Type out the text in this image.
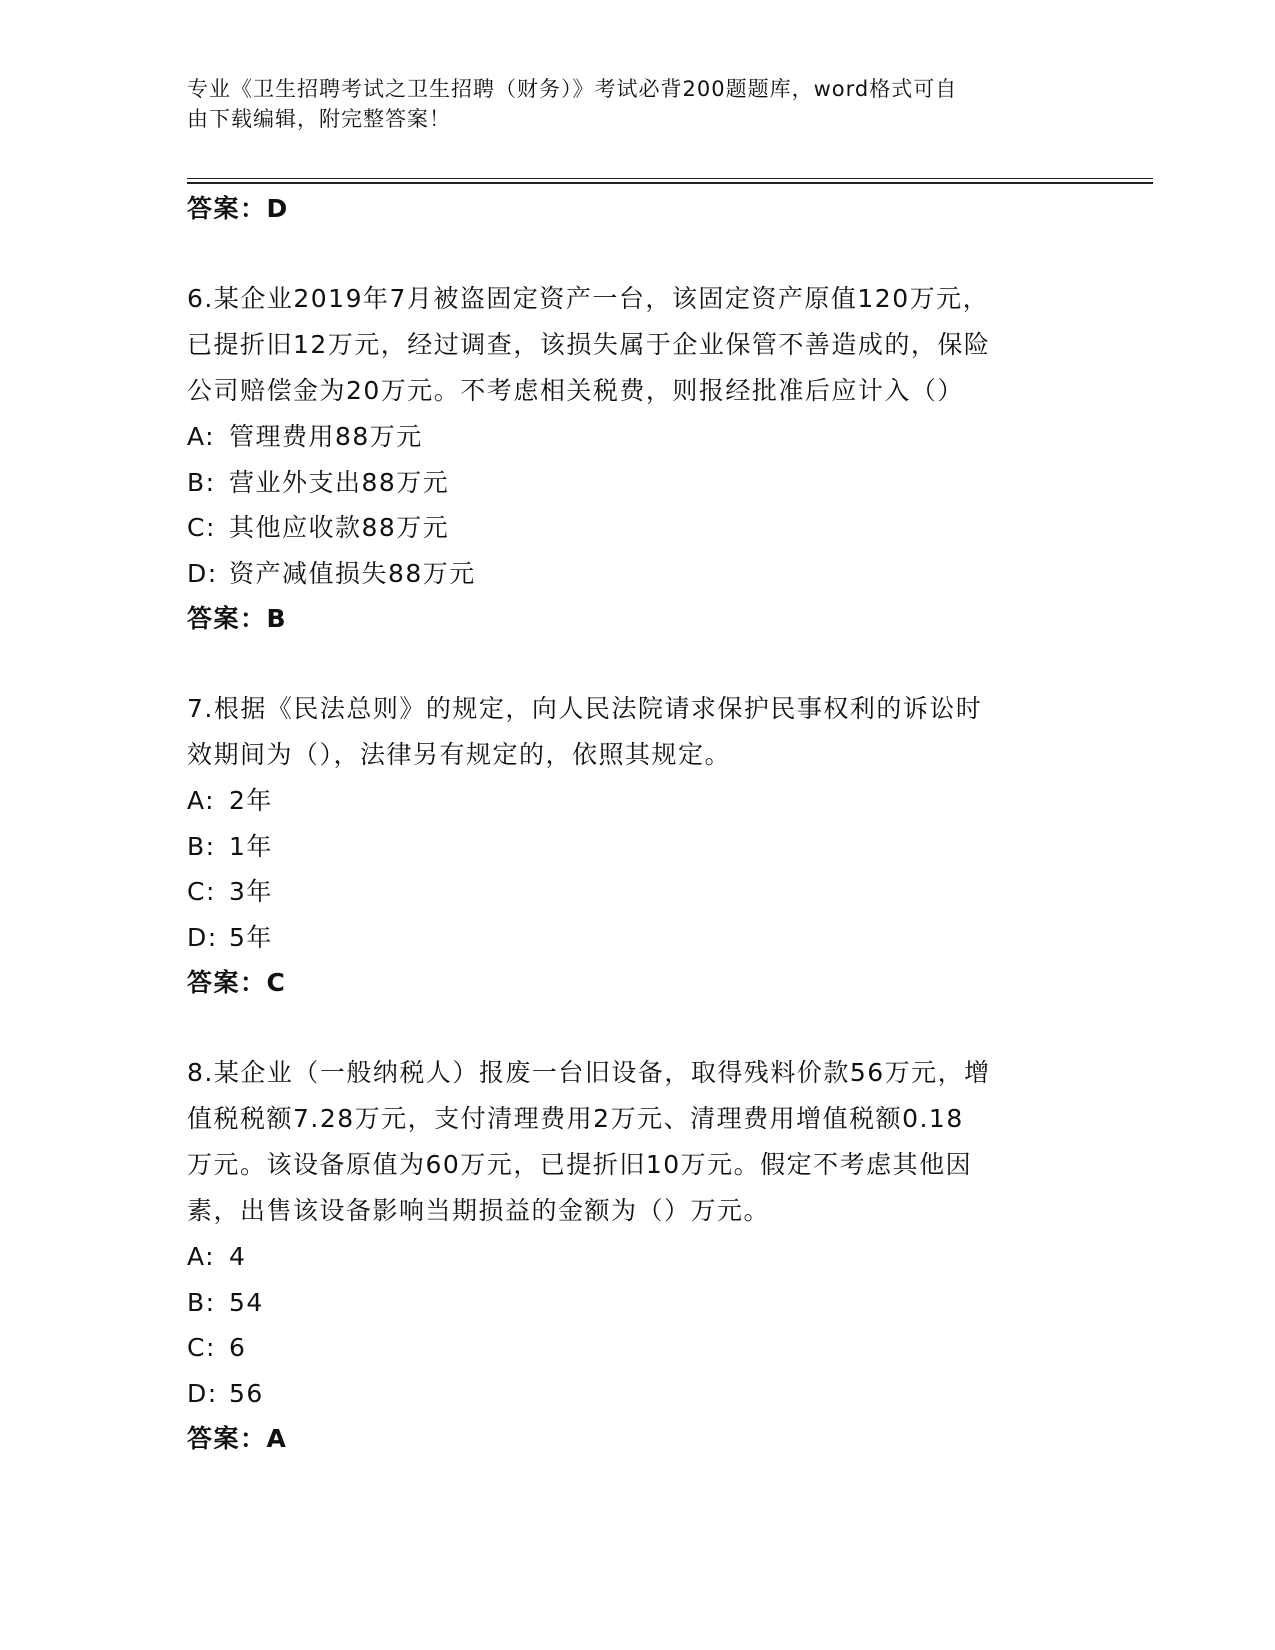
专业《卫生招聘考试之卫生招聘（财务）》考试必背200题题库，word格式可自
由下载编辑，附完整答案！
答案：D
6.某企业2019年7月被盗固定资产一台，该固定资产原值120万元，
已提折旧12万元，经过调查，该损失属于企业保管不善造成的，保险
公司赔偿金为20万元。不考虑相关税费，则报经批准后应计入（）
A: 管理费用88万元
B: 营业外支出88万元
C: 其他应收款88万元
D: 资产减值损失88万元
答案：B
7.根据《民法总则》的规定，向人民法院请求保护民事权利的诉讼时
效期间为（），法律另有规定的，依照其规定。
A: 2年
B: 1年
C: 3年
D: 5年
答案：C
8.某企业（一般纳税人）报废一台旧设备，取得残料价款56万元，增
值税税额7.28万元，支付清理费用2万元、清理费用增值税额0.18
万元。该设备原值为60万元，已提折旧10万元。假定不考虑其他因
素，出售该设备影响当期损益的金额为（）万元。
A: 4
B: 54
C: 6
D: 56
答案：A
